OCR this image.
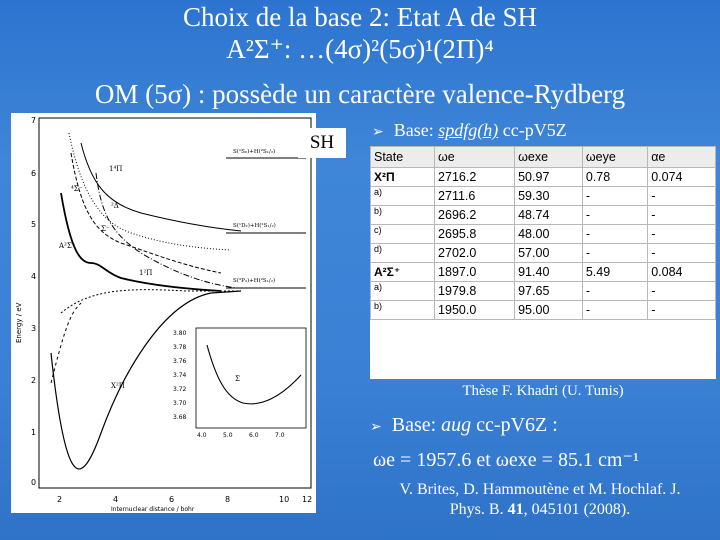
Choix de la base 2: Etat A de SH
A²Σ⁺: …(4σ)²(5σ)¹(2Π)⁴
OM (5σ) : possède un caractère valence-Rydberg
7
6
5
4
3
2
1
0
2	4	6	8	10 12
Energy / eV
Internuclear distance / bohr
X²Π
A²Σ⁺
1²Π
Σ⁻
1⁴Π
²Δ
⁴Σ⁻
S(¹S₀)+H(²S₁/₂)
S(¹D₂)+H(²S₁/₂)
S(³P₂)+H(²S₁/₂)
3.80
3.78
3.76
3.74
3.72
3.70
3.68
4.0	5.0	6.0	7.0
Σ
SH	➢ Base: spdfg(h) cc-pV5Z
State	ωe	ωexe	ωeye	αe
X²Π	2716.2	50.97	0.78	0.074
a)	2711.6	59.30	-	-
b)	2696.2	48.74	-	-
c)	2695.8	48.00	-	-
d)	2702.0	57.00	-	-
A²Σ⁺	1897.0	91.40	5.49	0.084
a)	1979.8	97.65	-	-
b)	1950.0	95.00	-	-
Thèse F. Khadri (U. Tunis)
➢ Base: aug cc-pV6Z :
ωe = 1957.6 et ωexe = 85.1 cm⁻¹
V. Brites, D. Hammoutène et M. Hochlaf. J.
Phys. B. 41, 045101 (2008).
